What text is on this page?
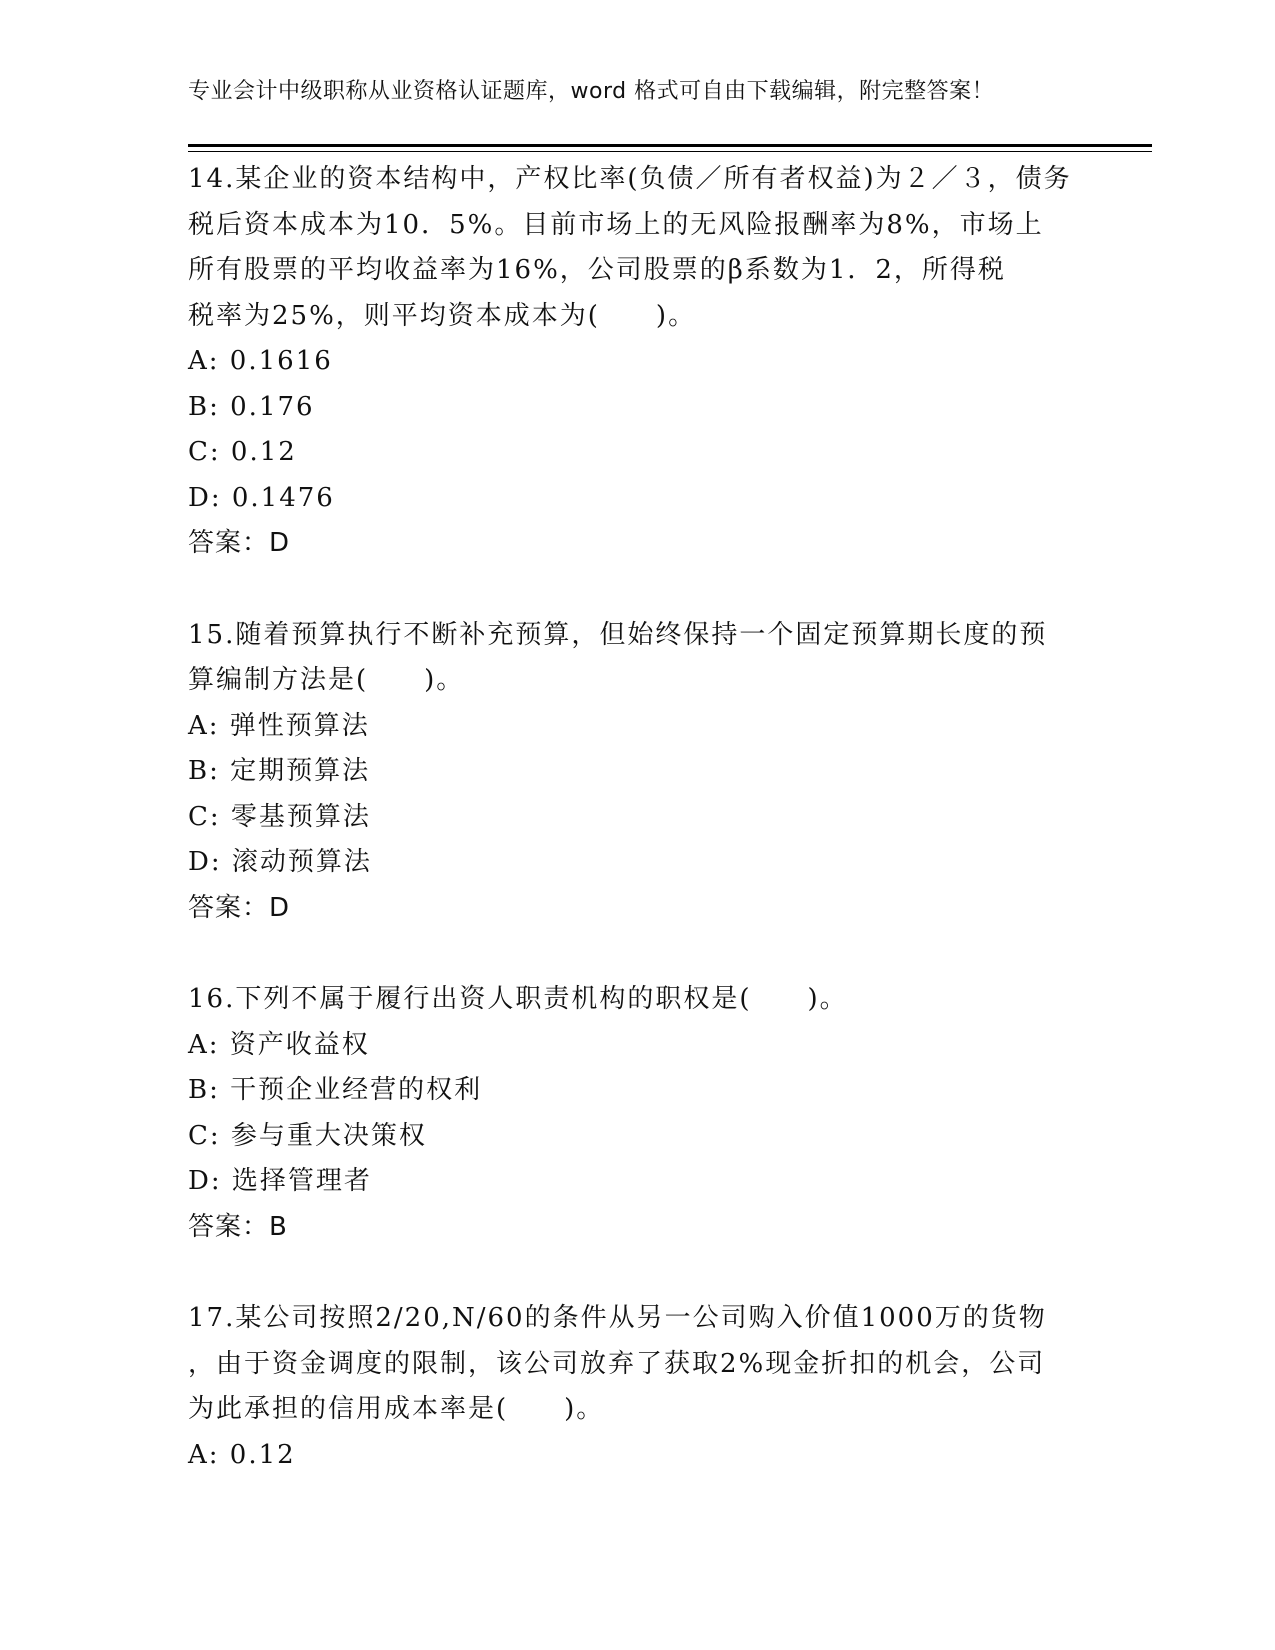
专业会计中级职称从业资格认证题库，word 格式可自由下载编辑，附完整答案！
14.某企业的资本结构中，产权比率(负债／所有者权益)为２／３，债务
税后资本成本为10．5%。目前市场上的无风险报酬率为8%，市场上
所有股票的平均收益率为16%，公司股票的β系数为1．2，所得税
税率为25%，则平均资本成本为(　　)。
A: 0.1616
B: 0.176
C: 0.12
D: 0.1476
答案：D
15.随着预算执行不断补充预算，但始终保持一个固定预算期长度的预
算编制方法是(　　)。
A: 弹性预算法
B: 定期预算法
C: 零基预算法
D: 滚动预算法
答案：D
16.下列不属于履行出资人职责机构的职权是(　　)。
A: 资产收益权
B: 干预企业经营的权利
C: 参与重大决策权
D: 选择管理者
答案：B
17.某公司按照2/20,N/60的条件从另一公司购入价值1000万的货物
，由于资金调度的限制，该公司放弃了获取2%现金折扣的机会，公司
为此承担的信用成本率是(　　)。
A: 0.12
